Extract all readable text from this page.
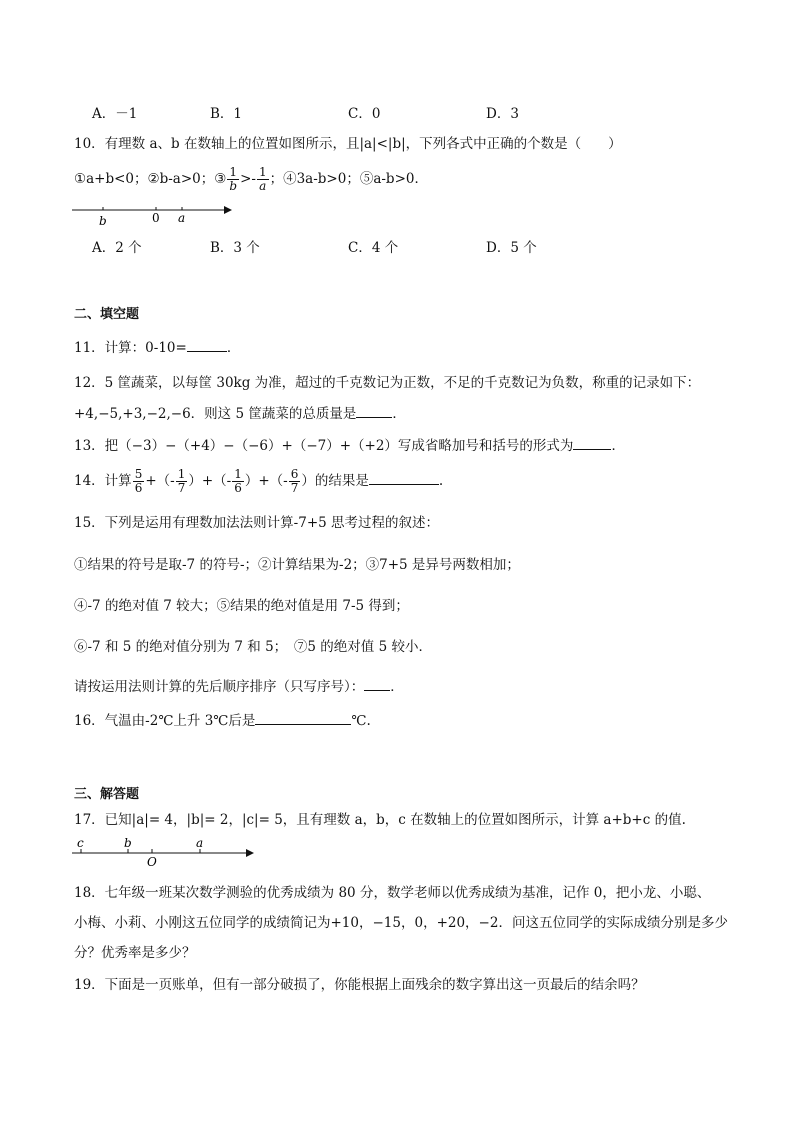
A．－1	B．1	C．0	D．3
10．有理数 a、b 在数轴上的位置如图所示，且|a|<|b|，下列各式中正确的个数是（　　）
①a+b<0；②b-a>0；③ $\frac{1}{b} >- \frac{1}{a}$ ；④3a-b>0；⑤a-b>0．
b	0 a
A．2 个	B．3 个	C．4 个	D．5 个
二、填空题
11．计算：0-10=	．
12．5 筐蔬菜，以每筐 30kg 为准，超过的千克数记为正数，不足的千克数记为负数，称重的记录如下：
+4,−5,+3,−2,−6．则这 5 筐蔬菜的总质量是	．
13．把（−3）−（+4）−（−6）+（−7）+（+2）写成省略加号和括号的形式为	．
14．计算 $\frac{5}{6}$ +（- $\frac{1}{7}$ ）+（- $\frac{1}{6}$ ）+（- $\frac{6}{7}$ ）的结果是	.
15．下列是运用有理数加法法则计算-7+5 思考过程的叙述：
①结果的符号是取-7 的符号-；②计算结果为-2；③7+5 是异号两数相加；
④-7 的绝对值 7 较大；⑤结果的绝对值是用 7-5 得到；
⑥-7 和 5 的绝对值分别为 7 和 5；　⑦5 的绝对值 5 较小．
请按运用法则计算的先后顺序排序（只写序号）： ．
16．气温由-2℃上升 3℃后是	℃.
三、解答题
17．已知|a|= 4，|b|= 2，|c|= 5，且有理数 a，b，c 在数轴上的位置如图所示，计算 a+b+c 的值.
c	b
O
a
18．七年级一班某次数学测验的优秀成绩为 80 分，数学老师以优秀成绩为基准，记作 0，把小龙、小聪、
小梅、小莉、小刚这五位同学的成绩简记为+10，−15，0，+20，−2．问这五位同学的实际成绩分别是多少
分？优秀率是多少？
19．下面是一页账单，但有一部分破损了，你能根据上面残余的数字算出这一页最后的结余吗？
